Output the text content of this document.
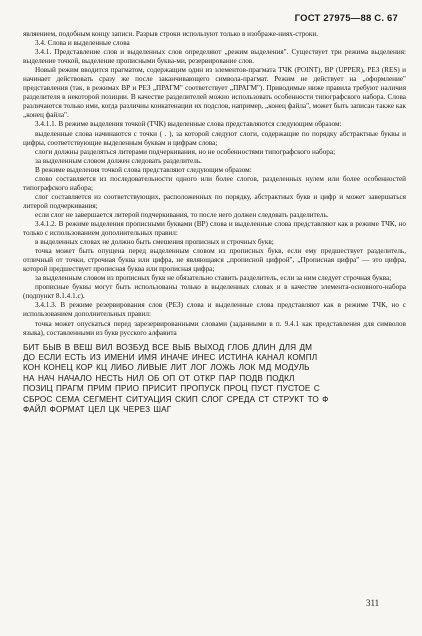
ГОСТ 27975—88 С. 67

являением, подобным концу записи. Разрыв строки используют только в изображе-ниях-строки.

3.4. Слова и выделенные слова

3.4.1. Представление слов и выделенных слов определяют „режим выделения". Существует три режима выделения: выделение точкой, выделение прописными буква-ми, резервирование слов.

Новый режим вводится прагматом, содержащим один из элементов-прагмата ТЧК (POINT), ВР (UPPER), РЕЗ (RES) и начинает действовать сразу же после заканчивающего символа-прагмат. Режим не действует на „оформление" представления (так, в режимах ВР и РЕЗ „ПРАГМ" соответствует „ПРАГМ"). Приводимые ниже правила требуют наличия разделителя в некоторой позиции. В качестве разделителей можно использовать особенности типографского набора. Слова различаются только ими, когда различны конкатенации их подслов, например, „конец файла", может быть записан также как „конец файла".

3.4.1.1. В режиме выделения точкой (ТЧК) выделенные слова представляются следующим образом:

выделенные слова начинаются с точки ( . ), за которой следуют слоги, содержащие по порядку абстрактные буквы и цифры, соответствующие выделенным буквам и цифрам слова;

слоги должны разделяться литерами подчеркивания, но не особенностями типографского набора;

за выделенным словом должен следовать разделитель.

В режиме выделения точкой слова представляют следующим образом:

слово составляется из последовательности одного или более слогов, разделенных нулем или более особенностей типографского набора;

слог составляется из соответствующих, расположенных по порядку, абстрактных букв и цифр и может завершаться литерой подчеркивания;

если слог не завершается литерой подчеркивания, то после него должен следовать разделитель.

3.4.1.2. В режиме выделения прописными буквами (ВР) слова и выделенные слова представляют как в режиме ТЧК, но только с использованием дополнительных правил:

в выделенных словах не должно быть смешения прописных и строчных букв;

точка может быть опущена перед выделенным словом из прописных букв, если ему предшествует разделитель, отличный от точки, строчная буква или цифра, не являющаяся „прописной цифрой", „Прописная цифра" — это цифра, которой предшествует прописная буква или прописная цифра;

за выделенным словом из прописных букв не обязательно ставить разделитель, если за ним следует строчная буква;

прописные буквы могут быть использованы только в выделенных словах и в качестве элемента-основного-набора (подпункт 8.1.4.1.с).

3.4.1.3. В режиме резервирования слов (РЕЗ) слова и выделенные слова представляют как в режиме ТЧК, но с использованием дополнительных правил:

точка может опускаться перед зарезервированными словами (заданными в п. 9.4.1 как представления для символов языка), составленными из букв русского алфавита

БИТ БЫВ В ВЕШ ВИЛ ВОЗБУД ВСЕ ВЫБ ВЫХОД ГЛОБ ДЛИН ДЛЯ ДМ
ДО ЕСЛИ ЕСТЬ ИЗ ИМЕНИ ИМЯ ИНАЧЕ ИНЕС ИСТИНА КАНАЛ КОМПЛ
КОН КОНЕЦ КОР КЦ ЛИБО ЛИВЫЕ ЛИТ ЛОГ ЛОЖЬ ЛОК МД МОДУЛЬ
НА НАЧ НАЧАЛО НЕСТЬ НИЛ ОБ ОП ОТ ОТКР ПАР ПОДВ ПОДКЛ
ПОЗИЦ ПРАГМ ПРИМ ПРИО ПРИСИТ ПРОПУСК ПРОЦ ПУСТ ПУСТОЕ С
СБРОС СЕМА СЕГМЕНТ СИТУАЦИЯ СКИП СЛОГ СРЕДА СТ СТРУКТ ТО Ф
ФАЙЛ ФОРМАТ ЦЕЛ ЦК ЧЕРЕЗ ШАГ
311
